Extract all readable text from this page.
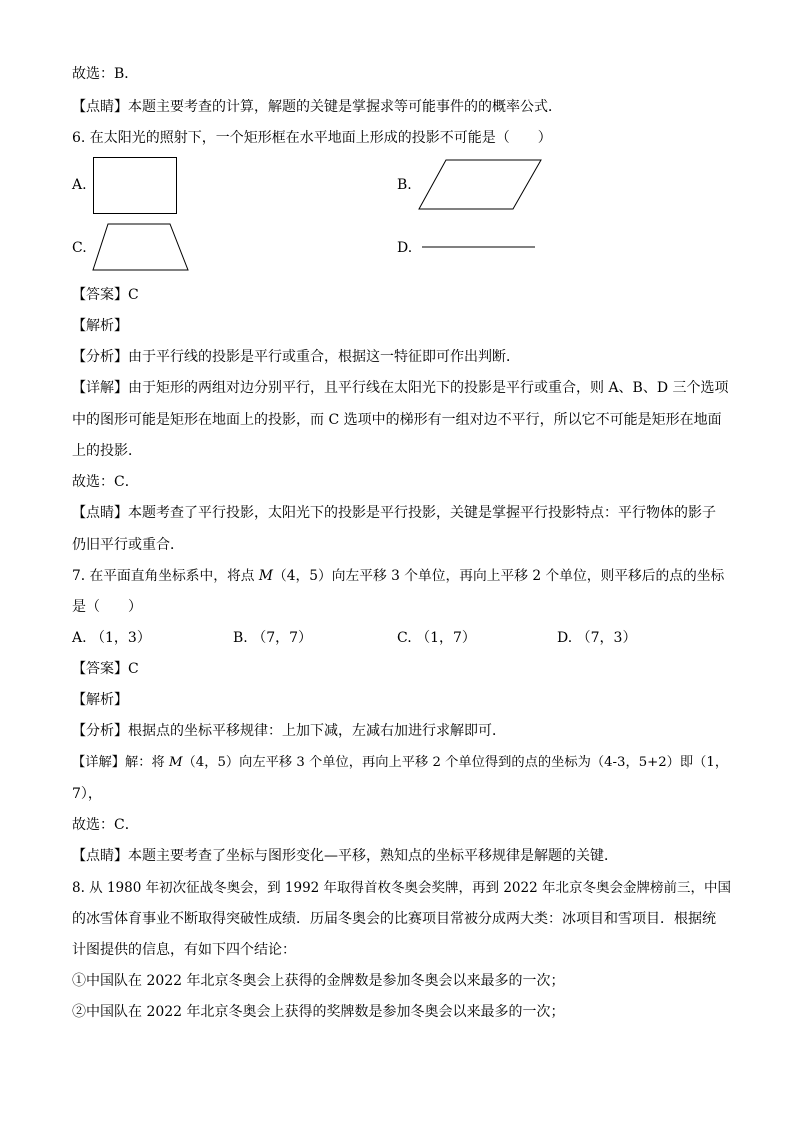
故选：B．
【点睛】本题主要考查的计算，解题的关键是掌握求等可能事件的的概率公式．
6. 在太阳光的照射下，一个矩形框在水平地面上形成的投影不可能是（　　）
A.	B.
C.	D.
【答案】C
【解析】
【分析】由于平行线的投影是平行或重合，根据这一特征即可作出判断．
【详解】由于矩形的两组对边分别平行，且平行线在太阳光下的投影是平行或重合，则 A、B、D 三个选项
中的图形可能是矩形在地面上的投影，而 C 选项中的梯形有一组对边不平行，所以它不可能是矩形在地面
上的投影．
故选：C．
【点睛】本题考查了平行投影，太阳光下的投影是平行投影，关键是掌握平行投影特点：平行物体的影子
仍旧平行或重合．
7. 在平面直角坐标系中，将点 M（4，5）向左平移 3 个单位，再向上平移 2 个单位，则平移后的点的坐标
是（　　）
A. （1，3）	B. （7，7）	C. （1，7）	D. （7，3）
【答案】C
【解析】
【分析】根据点的坐标平移规律：上加下减，左减右加进行求解即可．
【详解】解：将 M（4，5）向左平移 3 个单位，再向上平移 2 个单位得到的点的坐标为（4-3，5+2）即（1，
7），
故选：C．
【点睛】本题主要考查了坐标与图形变化—平移，熟知点的坐标平移规律是解题的关键．
8. 从 1980 年初次征战冬奥会，到 1992 年取得首枚冬奥会奖牌，再到 2022 年北京冬奥会金牌榜前三，中国
的冰雪体育事业不断取得突破性成绩．历届冬奥会的比赛项目常被分成两大类：冰项目和雪项目．根据统
计图提供的信息，有如下四个结论：
①中国队在 2022 年北京冬奥会上获得的金牌数是参加冬奥会以来最多的一次；
②中国队在 2022 年北京冬奥会上获得的奖牌数是参加冬奥会以来最多的一次；
